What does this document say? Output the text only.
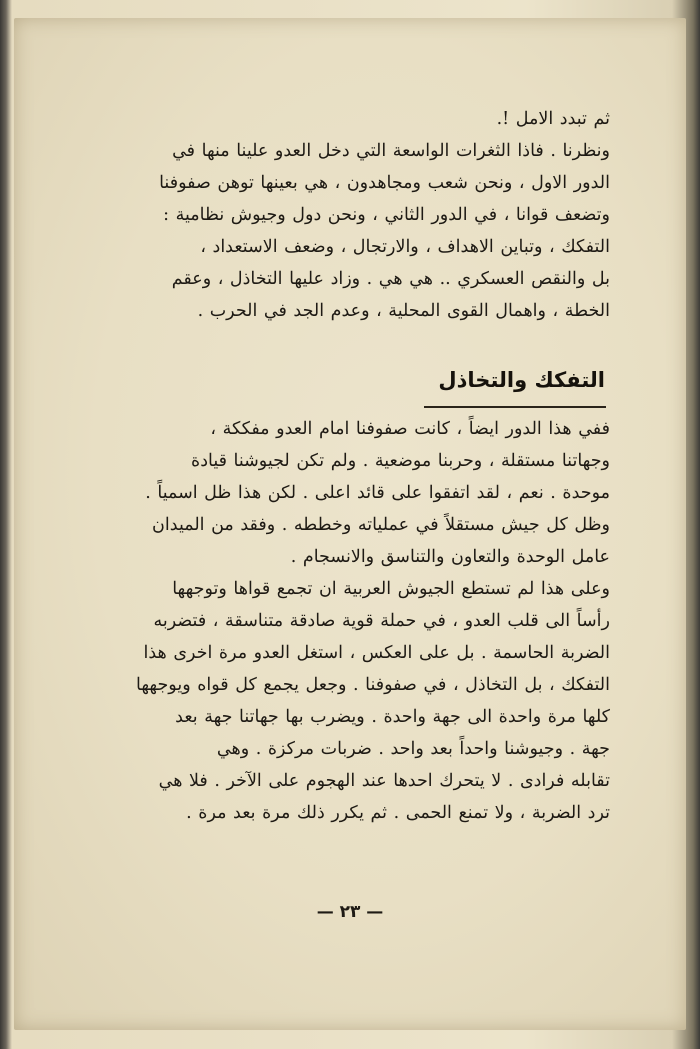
ثم تبدد الامل !.
ونظرنا . فاذا الثغرات الواسعة التي دخل العدو علينا منها في
الدور الاول ، ونحن شعب ومجاهدون ، هي بعينها توهن صفوفنا
وتضعف قوانا ، في الدور الثاني ، ونحن دول وجيوش نظامية :
التفكك ، وتباين الاهداف ، والارتجال ، وضعف الاستعداد ،
بل والنقص العسكري .. هي هي . وزاد عليها التخاذل ، وعقم
الخطة ، واهمال القوى المحلية ، وعدم الجد في الحرب .
التفكك والتخاذل
ففي هذا الدور ايضاً ، كانت صفوفنا امام العدو مفككة ،
وجهاتنا مستقلة ، وحربنا موضعية . ولم تكن لجيوشنا قيادة
موحدة . نعم ، لقد اتفقوا على قائد اعلى . لكن هذا ظل اسمياً .
وظل كل جيش مستقلاً في عملياته وخططه . وفقد من الميدان
عامل الوحدة والتعاون والتناسق والانسجام .
وعلى هذا لم تستطع الجيوش العربية ان تجمع قواها وتوجهها
رأساً الى قلب العدو ، في حملة قوية صادقة متناسقة ، فتضربه
الضربة الحاسمة . بل على العكس ، استغل العدو مرة اخرى هذا
التفكك ، بل التخاذل ، في صفوفنا . وجعل يجمع كل قواه ويوجهها
كلها مرة واحدة الى جهة واحدة . ويضرب بها جهاتنا جهة بعد
جهة . وجيوشنا واحداً بعد واحد . ضربات مركزة . وهي
تقابله فرادى . لا يتحرك احدها عند الهجوم على الآخر . فلا هي
ترد الضربة ، ولا تمنع الحمى . ثم يكرر ذلك مرة بعد مرة .
— ٢٣ —
